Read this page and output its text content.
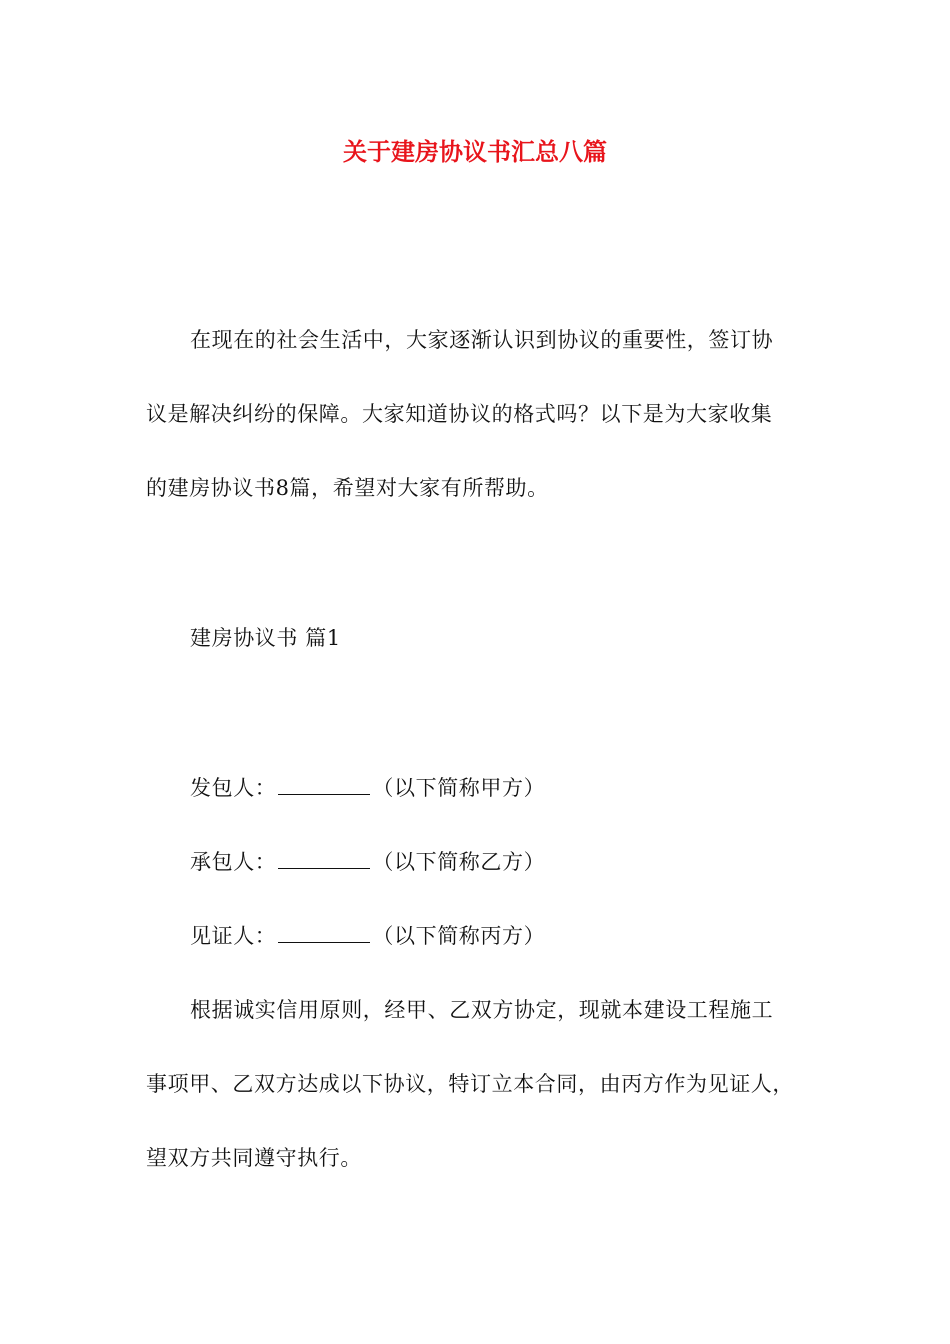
关于建房协议书汇总八篇
在现在的社会生活中，大家逐渐认识到协议的重要性，签订协
议是解决纠纷的保障。大家知道协议的格式吗？以下是为大家收集
的建房协议书8篇，希望对大家有所帮助。
建房协议书 篇1
发包人：	（以下简称甲方）
承包人：	（以下简称乙方）
见证人：	（以下简称丙方）
根据诚实信用原则，经甲、乙双方协定，现就本建设工程施工
事项甲、乙双方达成以下协议，特订立本合同，由丙方作为见证人，
望双方共同遵守执行。
